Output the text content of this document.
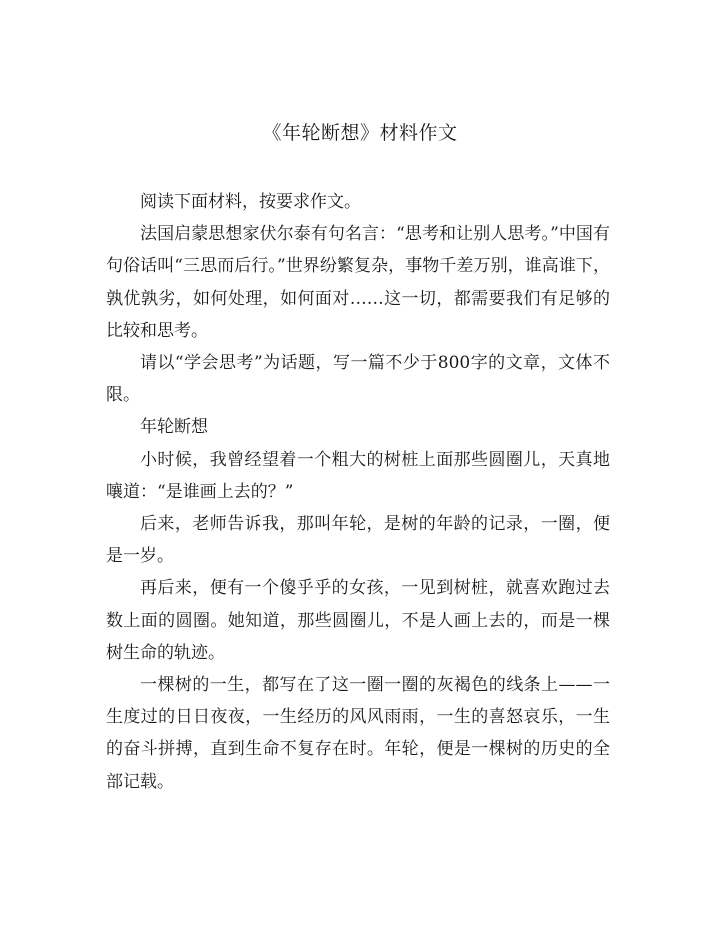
《年轮断想》材料作文

阅读下面材料，按要求作文。

法国启蒙思想家伏尔泰有句名言：“思考和让别人思考。”中国有句俗话叫“三思而后行。”世界纷繁复杂，事物千差万别，谁高谁下，孰优孰劣，如何处理，如何面对……这一切，都需要我们有足够的比较和思考。

请以“学会思考”为话题，写一篇不少于800字的文章，文体不限。

年轮断想

小时候，我曾经望着一个粗大的树桩上面那些圆圈儿，天真地嚷道：“是谁画上去的？”

后来，老师告诉我，那叫年轮，是树的年龄的记录，一圈，便是一岁。

再后来，便有一个傻乎乎的女孩，一见到树桩，就喜欢跑过去数上面的圆圈。她知道，那些圆圈儿，不是人画上去的，而是一棵树生命的轨迹。

一棵树的一生，都写在了这一圈一圈的灰褐色的线条上——一生度过的日日夜夜，一生经历的风风雨雨，一生的喜怒哀乐，一生的奋斗拼搏，直到生命不复存在时。年轮，便是一棵树的历史的全部记载。
